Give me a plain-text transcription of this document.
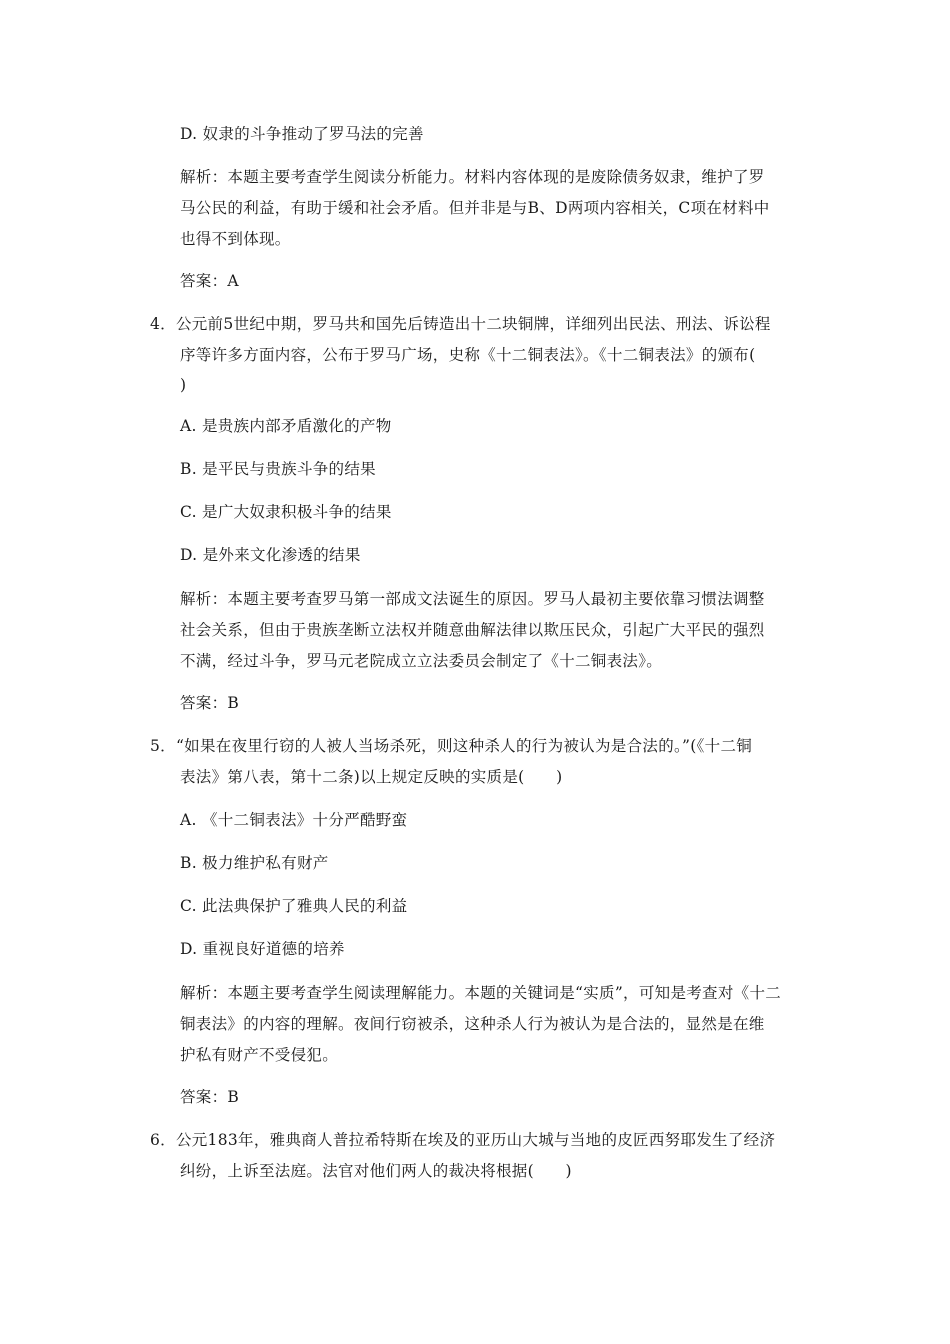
D. 奴隶的斗争推动了罗马法的完善
解析：本题主要考查学生阅读分析能力。材料内容体现的是废除债务奴隶，维护了罗
马公民的利益，有助于缓和社会矛盾。但并非是与B、D两项内容相关，C项在材料中
也得不到体现。
答案：A
4．公元前5世纪中期，罗马共和国先后铸造出十二块铜牌，详细列出民法、刑法、诉讼程
序等许多方面内容，公布于罗马广场，史称《十二铜表法》。《十二铜表法》的颁布(
)
A. 是贵族内部矛盾激化的产物
B. 是平民与贵族斗争的结果
C. 是广大奴隶积极斗争的结果
D. 是外来文化渗透的结果
解析：本题主要考查罗马第一部成文法诞生的原因。罗马人最初主要依靠习惯法调整
社会关系，但由于贵族垄断立法权并随意曲解法律以欺压民众，引起广大平民的强烈
不满，经过斗争，罗马元老院成立立法委员会制定了《十二铜表法》。
答案：B
5．“如果在夜里行窃的人被人当场杀死，则这种杀人的行为被认为是合法的。”(《十二铜
表法》第八表，第十二条)以上规定反映的实质是(　　)
A. 《十二铜表法》十分严酷野蛮
B. 极力维护私有财产
C. 此法典保护了雅典人民的利益
D. 重视良好道德的培养
解析：本题主要考查学生阅读理解能力。本题的关键词是“实质”，可知是考查对《十二
铜表法》的内容的理解。夜间行窃被杀，这种杀人行为被认为是合法的，显然是在维
护私有财产不受侵犯。
答案：B
6．公元183年，雅典商人普拉希特斯在埃及的亚历山大城与当地的皮匠西努耶发生了经济
纠纷，上诉至法庭。法官对他们两人的裁决将根据(　　)
